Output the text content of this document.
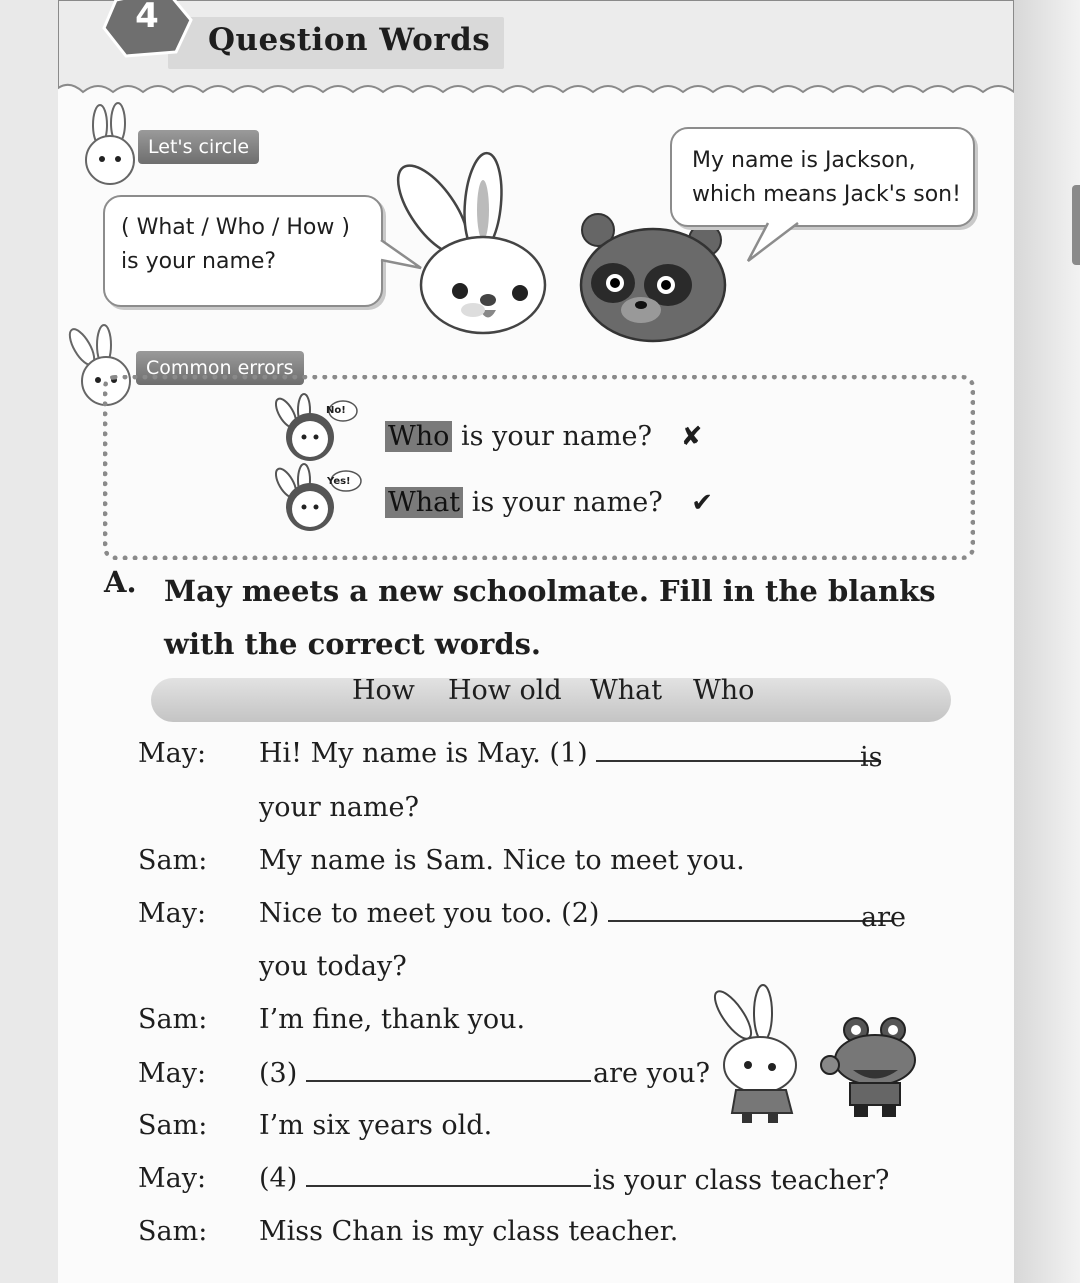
4
Question Words
Let's circle
( What / Who / How )
is your name?
My name is Jackson,
which means Jack's son!
Common errors
No!
Yes!
Who is your name? ✘
What is your name? ✔
A. May meets a new schoolmate. Fill in the blanks with the correct words.
How How old What Who
May: Hi! My name is May. (1)	is
your name?
Sam: My name is Sam. Nice to meet you.
May: Nice to meet you too. (2)	are
you today?
Sam: I’m fine, thank you.
May: (3)	are you?
Sam: I’m six years old.
May: (4)	is your class teacher?
Sam: Miss Chan is my class teacher.
